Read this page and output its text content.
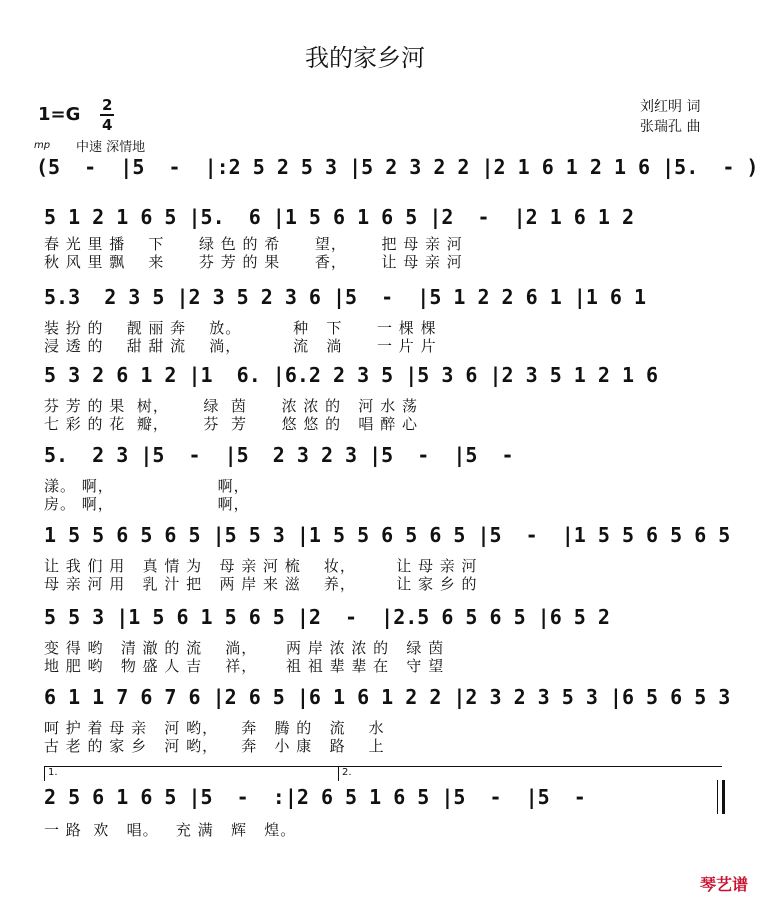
我的家乡河
1=G 2
4
刘红明 词
张瑞孔 曲
中速 深情地
mp
(5  -  |5  -  |:2 5 2 5 3 |5 2 3 2 2 |2 1 6 1 2 1 6 |5.  - )
5 1 2 1 6 5 |5.  6 |1 5 6 1 6 5 |2  -  |2 1 6 1 2
春 光 里 播    下      绿 色 的 希      望，      把 母 亲 河
秋 风 里 飘    来      芬 芳 的 果      香，      让 母 亲 河
5.3  2 3 5 |2 3 5 2 3 6 |5  -  |5 1 2 2 6 1 |1 6 1
装 扮 的    靓 丽 奔    放。         种   下      一 棵 棵
浸 透 的    甜 甜 流    淌，         流   淌      一 片 片
5 3 2 6 1 2 |1  6. |6.2 2 3 5 |5 3 6 |2 3 5 1 2 1 6
芬 芳 的 果  树，      绿  茵      浓 浓 的   河 水 荡
七 彩 的 花  瓣，      芬  芳      悠 悠 的   唱 醉 心
5.  2 3 |5  -  |5  2 3 2 3 |5  -  |5  -
漾。 啊，                  啊，
房。 啊，                  啊，
1 5 5 6 5 6 5 |5 5 3 |1 5 5 6 5 6 5 |5  -  |1 5 5 6 5 6 5
让 我 们 用   真 情 为   母 亲 河 梳    妆，       让 母 亲 河
母 亲 河 用   乳 汁 把   两 岸 来 滋    养，       让 家 乡 的
5 5 3 |1 5 6 1 5 6 5 |2  -  |2.5 6 5 6 5 |6 5 2
变 得 哟   清 澈 的 流    淌，     两 岸 浓 浓 的   绿 茵
地 肥 哟   物 盛 人 吉    祥，     祖 祖 辈 辈 在   守 望
6 1 1 7 6 7 6 |2 6 5 |6 1 6 1 2 2 |2 3 2 3 5 3 |6 5 6 5 3
呵 护 着 母 亲   河 哟，    奔   腾 的   流    水
古 老 的 家 乡   河 哟，    奔   小 康   路    上
1.	2.
2 5 6 1 6 5 |5  -  :|2 6 5 1 6 5 |5  -  |5  -
一 路  欢   唱。   充 满   辉   煌。
琴艺谱
